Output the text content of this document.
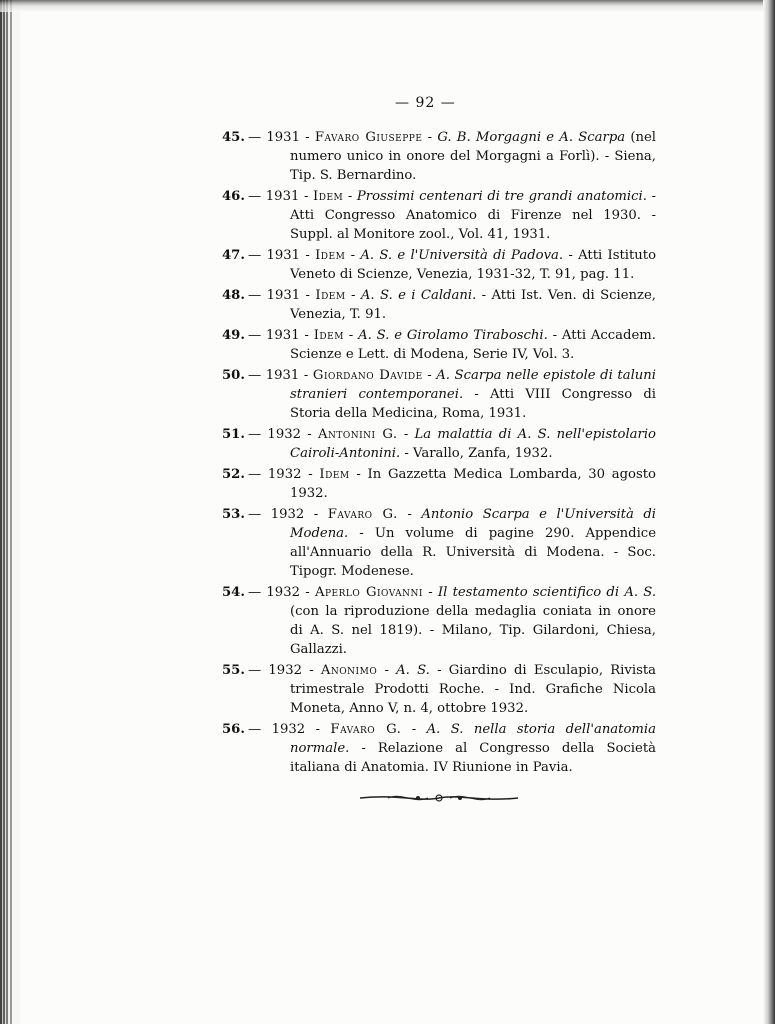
— 92 —
45. — 1931 - Favaro Giuseppe - G. B. Morgagni e A. Scarpa (nel numero unico in onore del Morgagni a Forlì). - Siena, Tip. S. Bernardino.
46. — 1931 - Idem - Prossimi centenari di tre grandi anatomici. - Atti Congresso Anatomico di Firenze nel 1930. - Suppl. al Monitore zool., Vol. 41, 1931.
47. — 1931 - Idem - A. S. e l'Università di Padova. - Atti Istituto Veneto di Scienze, Venezia, 1931-32, T. 91, pag. 11.
48. — 1931 - Idem - A. S. e i Caldani. - Atti Ist. Ven. di Scienze, Venezia, T. 91.
49. — 1931 - Idem - A. S. e Girolamo Tiraboschi. - Atti Accadem. Scienze e Lett. di Modena, Serie IV, Vol. 3.
50. — 1931 - Giordano Davide - A. Scarpa nelle epistole di taluni stranieri contemporanei. - Atti VIII Congresso di Storia della Medicina, Roma, 1931.
51. — 1932 - Antonini G. - La malattia di A. S. nell'epistolario Cairoli-Antonini. - Varallo, Zanfa, 1932.
52. — 1932 - Idem - In Gazzetta Medica Lombarda, 30 agosto 1932.
53. — 1932 - Favaro G. - Antonio Scarpa e l'Università di Modena. - Un volume di pagine 290. Appendice all'Annuario della R. Università di Modena. - Soc. Tipogr. Modenese.
54. — 1932 - Aperlo Giovanni - Il testamento scientifico di A. S. (con la riproduzione della medaglia coniata in onore di A. S. nel 1819). - Milano, Tip. Gilardoni, Chiesa, Gallazzi.
55. — 1932 - Anonimo - A. S. - Giardino di Esculapio, Rivista trimestrale Prodotti Roche. - Ind. Grafiche Nicola Moneta, Anno V, n. 4, ottobre 1932.
56. — 1932 - Favaro G. - A. S. nella storia dell'anatomia normale. - Relazione al Congresso della Società italiana di Anatomia. IV Riunione in Pavia.
